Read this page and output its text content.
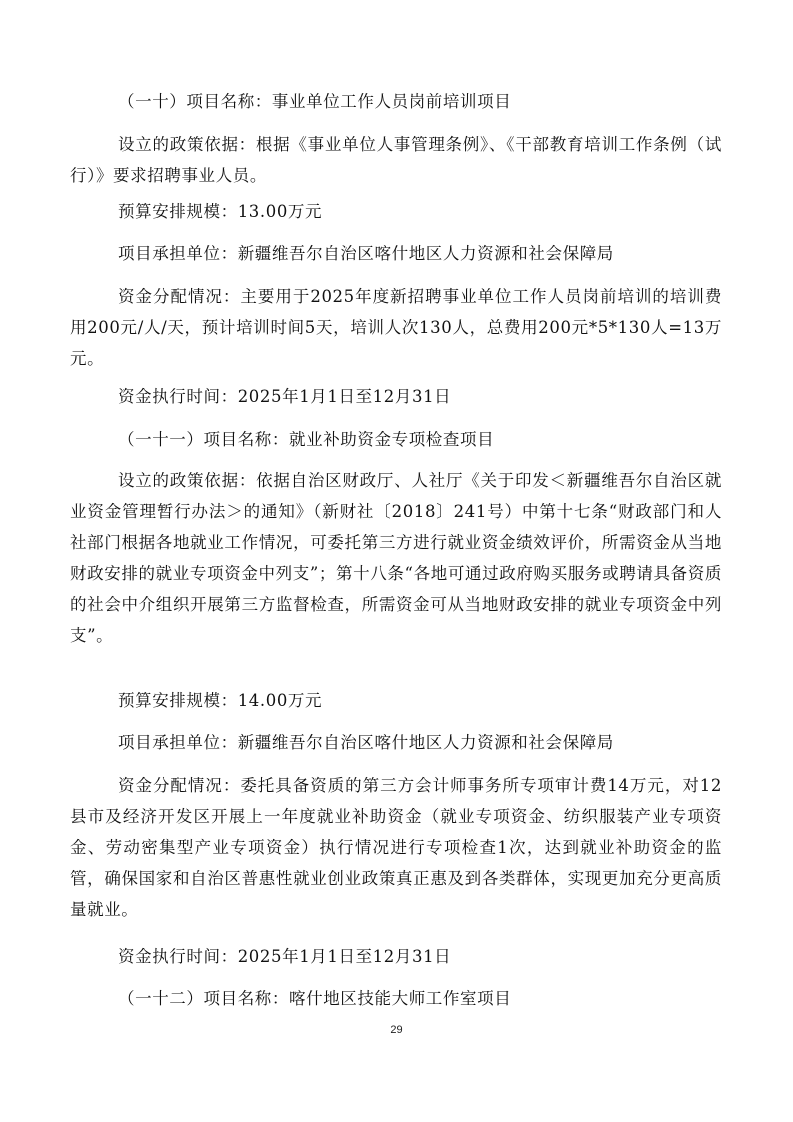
（一十）项目名称：事业单位工作人员岗前培训项目

设立的政策依据：根据《事业单位人事管理条例》、《干部教育培训工作条例（试行）》要求招聘事业人员。

预算安排规模：13.00万元

项目承担单位：新疆维吾尔自治区喀什地区人力资源和社会保障局

资金分配情况：主要用于2025年度新招聘事业单位工作人员岗前培训的培训费用200元/人/天，预计培训时间5天，培训人次130人，总费用200元*5*130人=13万元。

资金执行时间：2025年1月1日至12月31日

（一十一）项目名称：就业补助资金专项检查项目

设立的政策依据：依据自治区财政厅、人社厅《关于印发＜新疆维吾尔自治区就业资金管理暂行办法＞的通知》（新财社〔2018〕241号）中第十七条“财政部门和人社部门根据各地就业工作情况，可委托第三方进行就业资金绩效评价，所需资金从当地财政安排的就业专项资金中列支”；第十八条“各地可通过政府购买服务或聘请具备资质的社会中介组织开展第三方监督检查，所需资金可从当地财政安排的就业专项资金中列支”。

预算安排规模：14.00万元

项目承担单位：新疆维吾尔自治区喀什地区人力资源和社会保障局

资金分配情况：委托具备资质的第三方会计师事务所专项审计费14万元，对12县市及经济开发区开展上一年度就业补助资金（就业专项资金、纺织服装产业专项资金、劳动密集型产业专项资金）执行情况进行专项检查1次，达到就业补助资金的监管，确保国家和自治区普惠性就业创业政策真正惠及到各类群体，实现更加充分更高质量就业。

资金执行时间：2025年1月1日至12月31日

（一十二）项目名称：喀什地区技能大师工作室项目

29
